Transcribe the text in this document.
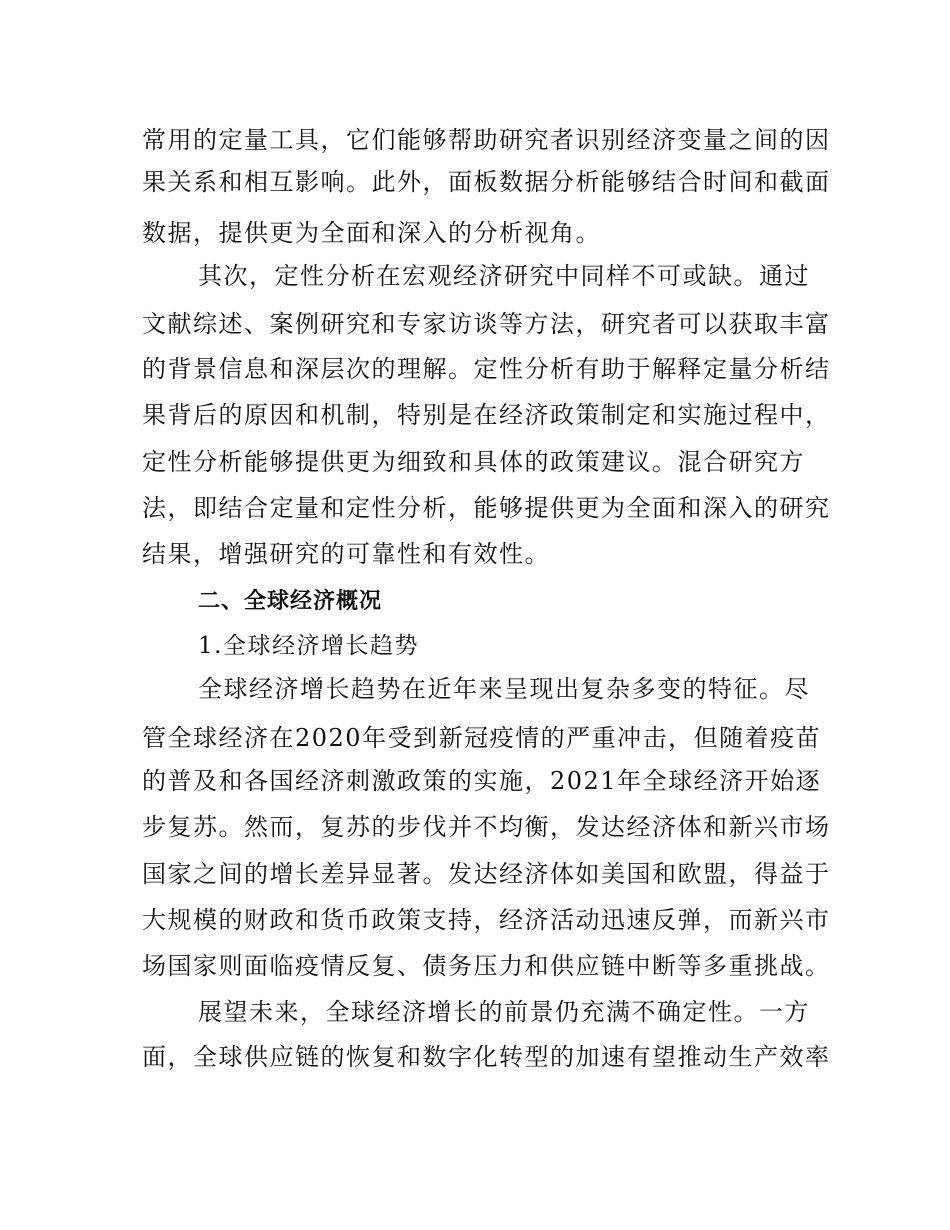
常用的定量工具，它们能够帮助研究者识别经济变量之间的因
果关系和相互影响。此外，面板数据分析能够结合时间和截面
数据，提供更为全面和深入的分析视角。
其次，定性分析在宏观经济研究中同样不可或缺。通过
文献综述、案例研究和专家访谈等方法，研究者可以获取丰富
的背景信息和深层次的理解。定性分析有助于解释定量分析结
果背后的原因和机制，特别是在经济政策制定和实施过程中，
定性分析能够提供更为细致和具体的政策建议。混合研究方
法，即结合定量和定性分析，能够提供更为全面和深入的研究
结果，增强研究的可靠性和有效性。
全球经济增长趋势在近年来呈现出复杂多变的特征。尽
管全球经济在2020年受到新冠疫情的严重冲击，但随着疫苗
的普及和各国经济刺激政策的实施，2021年全球经济开始逐
步复苏。然而，复苏的步伐并不均衡，发达经济体和新兴市场
国家之间的增长差异显著。发达经济体如美国和欧盟，得益于
大规模的财政和货币政策支持，经济活动迅速反弹，而新兴市
场国家则面临疫情反复、债务压力和供应链中断等多重挑战。
展望未来，全球经济增长的前景仍充满不确定性。一方
面，全球供应链的恢复和数字化转型的加速有望推动生产效率
二、全球经济概况
1.全球经济增长趋势
